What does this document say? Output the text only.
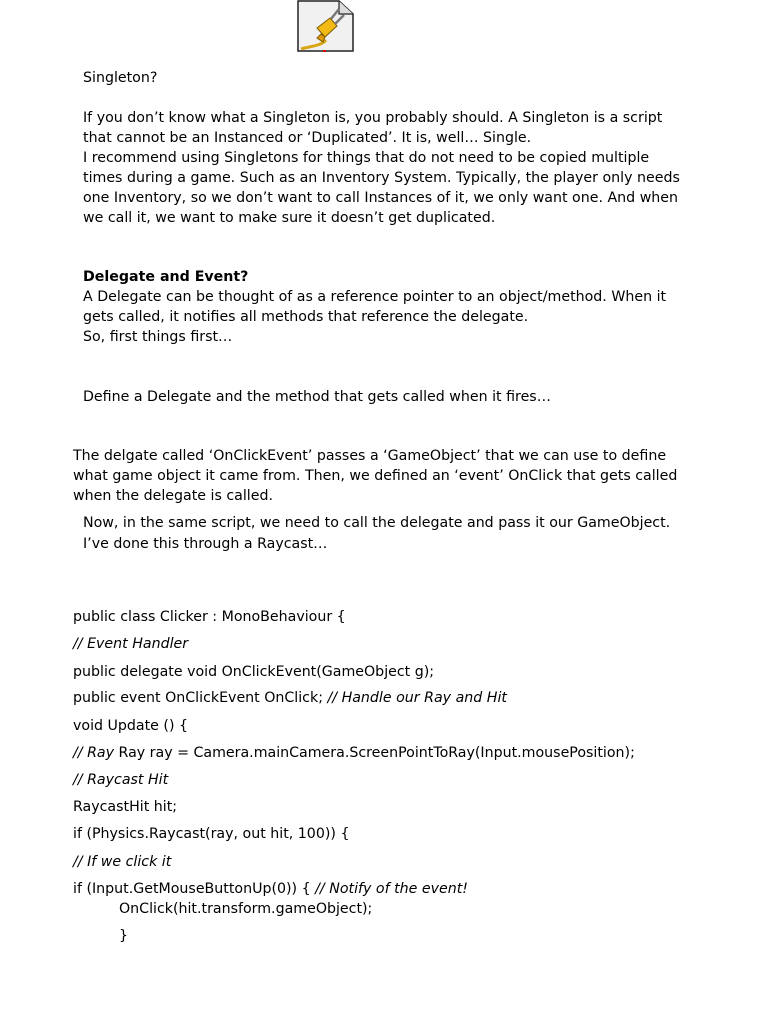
Singleton?
If you don’t know what a Singleton is, you probably should. A Singleton is a script
that cannot be an Instanced or ‘Duplicated’. It is, well… Single.
I recommend using Singletons for things that do not need to be copied multiple
times during a game. Such as an Inventory System. Typically, the player only needs
one Inventory, so we don’t want to call Instances of it, we only want one. And when
we call it, we want to make sure it doesn’t get duplicated.
Delegate and Event?
A Delegate can be thought of as a reference pointer to an object/method. When it
gets called, it notifies all methods that reference the delegate.
So, first things first…
Define a Delegate and the method that gets called when it fires…
The delgate called ‘OnClickEvent’ passes a ‘GameObject’ that we can use to define
what game object it came from. Then, we defined an ‘event’ OnClick that gets called
when the delegate is called.
Now, in the same script, we need to call the delegate and pass it our GameObject.
I’ve done this through a Raycast…
public class Clicker : MonoBehaviour {
// Event Handler
public delegate void OnClickEvent(GameObject g);
public event OnClickEvent OnClick; // Handle our Ray and Hit
void Update () {
// Ray Ray ray = Camera.mainCamera.ScreenPointToRay(Input.mousePosition);
// Raycast Hit
RaycastHit hit;
if (Physics.Raycast(ray, out hit, 100)) {
// If we click it
if (Input.GetMouseButtonUp(0)) { // Notify of the event!
OnClick(hit.transform.gameObject);
}
